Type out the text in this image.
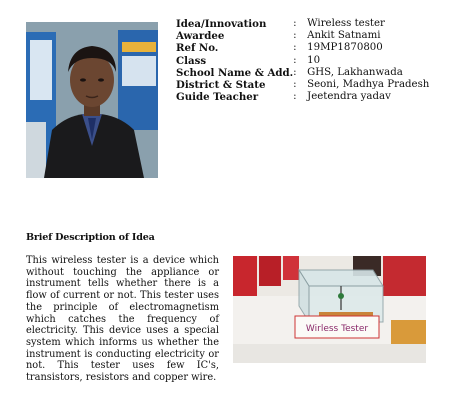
Idea/Innovation	:	Wireless tester
Awardee	:	Ankit Satnami
Ref No.	:	19MP1870800
Class	:	10
School Name & Add.	:	GHS, Lakhanwada
District & State	:	Seoni, Madhya Pradesh
Guide Teacher	:	Jeetendra yadav
Brief Description of Idea

This wireless tester is a device which without touching the appliance or instrument tells whether there is a flow of current or not. This tester uses the principle of electromagnetism which catches the frequency of electricity. This device uses a special system which informs us whether the instrument is conducting electricity or not. This tester uses few IC's, transistors, resistors and copper wire.

Wirless Tester
